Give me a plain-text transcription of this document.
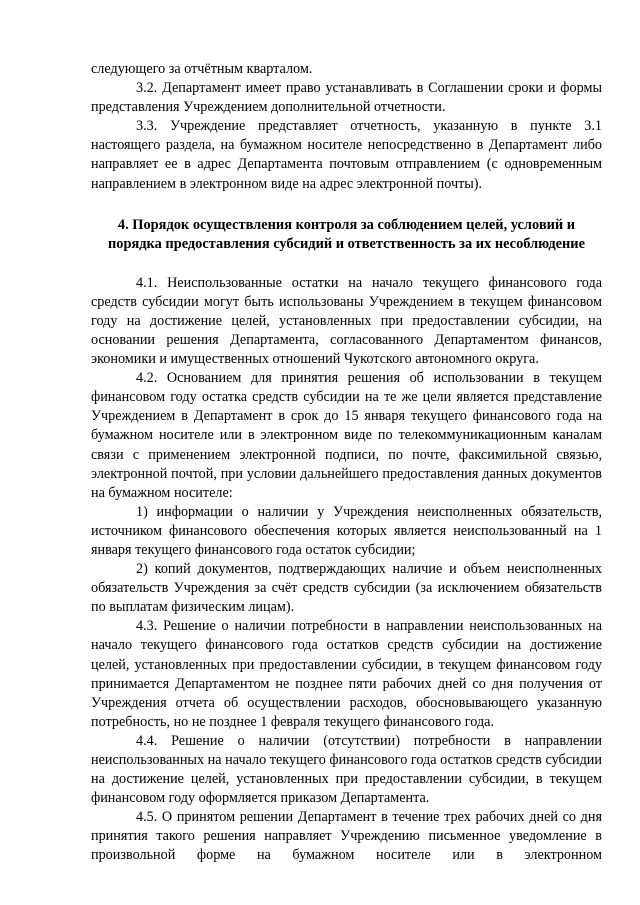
следующего за отчётным кварталом.

3.2. Департамент имеет право устанавливать в Соглашении сроки и формы представления Учреждением дополнительной отчетности.

3.3. Учреждение представляет отчетность, указанную в пункте 3.1 настоящего раздела, на бумажном носителе непосредственно в Департамент либо направляет ее в адрес Департамента почтовым отправлением (с одновременным направлением в электронном виде на адрес электронной почты).

4. Порядок осуществления контроля за соблюдением целей, условий и порядка предоставления субсидий и ответственность за их несоблюдение

4.1. Неиспользованные остатки на начало текущего финансового года средств субсидии могут быть использованы Учреждением в текущем финансовом году на достижение целей, установленных при предоставлении субсидии, на основании решения Департамента, согласованного Департаментом финансов, экономики и имущественных отношений Чукотского автономного округа.

4.2. Основанием для принятия решения об использовании в текущем финансовом году остатка средств субсидии на те же цели является представление Учреждением в Департамент в срок до 15 января текущего финансового года на бумажном носителе или в электронном виде по телекоммуникационным каналам связи с применением электронной подписи, по почте, факсимильной связью, электронной почтой, при условии дальнейшего предоставления данных документов на бумажном носителе:

1) информации о наличии у Учреждения неисполненных обязательств, источником финансового обеспечения которых является неиспользованный на 1 января текущего финансового года остаток субсидии;

2) копий документов, подтверждающих наличие и объем неисполненных обязательств Учреждения за счёт средств субсидии (за исключением обязательств по выплатам физическим лицам).

4.3. Решение о наличии потребности в направлении неиспользованных на начало текущего финансового года остатков средств субсидии на достижение целей, установленных при предоставлении субсидии, в текущем финансовом году принимается Департаментом не позднее пяти рабочих дней со дня получения от Учреждения отчета об осуществлении расходов, обосновывающего указанную потребность, но не позднее 1 февраля текущего финансового года.

4.4. Решение о наличии (отсутствии) потребности в направлении неиспользованных на начало текущего финансового года остатков средств субсидии на достижение целей, установленных при предоставлении субсидии, в текущем финансовом году оформляется приказом Департамента.

4.5. О принятом решении Департамент в течение трех рабочих дней со дня принятия такого решения направляет Учреждению письменное уведомление в произвольной форме на бумажном носителе или в электронном
